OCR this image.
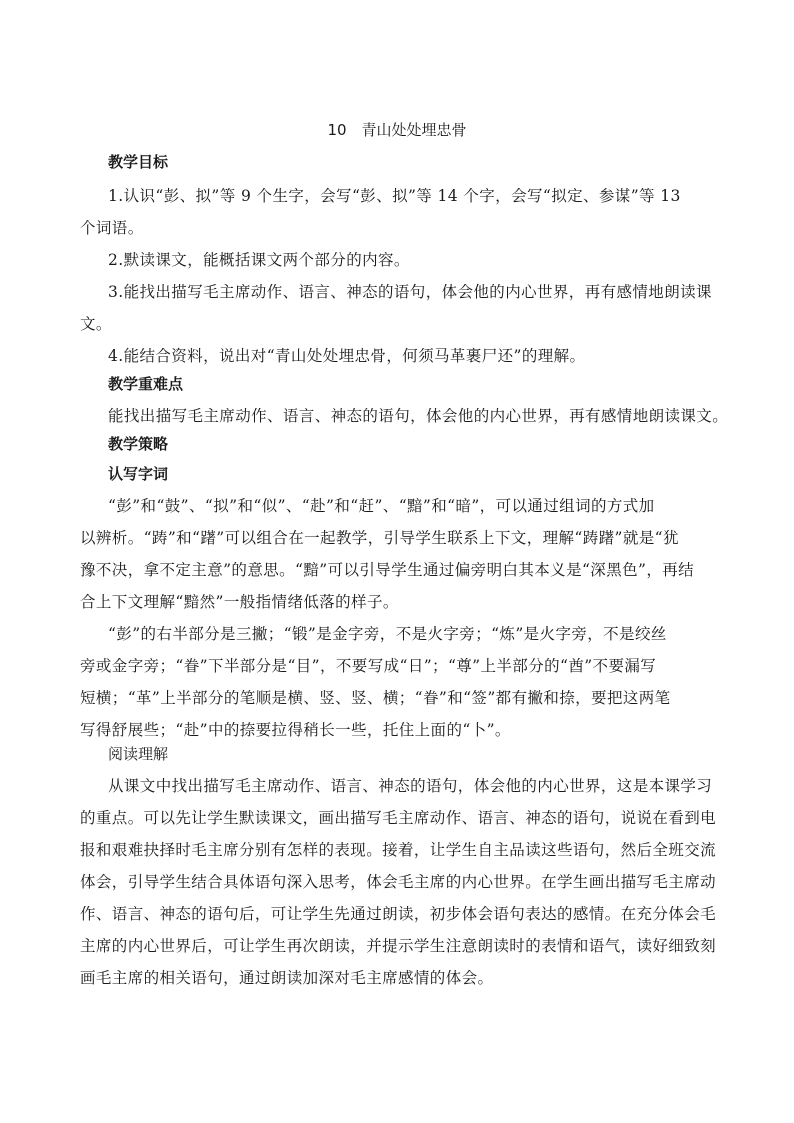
10　青山处处埋忠骨
教学目标
1.认识“彭、拟”等 9 个生字，会写“彭、拟”等 14 个字，会写“拟定、参谋”等 13
个词语。
2.默读课文，能概括课文两个部分的内容。
3.能找出描写毛主席动作、语言、神态的语句，体会他的内心世界，再有感情地朗读课
文。
4.能结合资料，说出对“青山处处埋忠骨，何须马革裹尸还”的理解。
教学重难点
能找出描写毛主席动作、语言、神态的语句，体会他的内心世界，再有感情地朗读课文。
教学策略
认写字词
“彭”和“鼓”、“拟”和“似”、“赴”和“赶”、“黯”和“暗”，可以通过组词的方式加
以辨析。“踌”和“躇”可以组合在一起教学，引导学生联系上下文，理解“踌躇”就是“犹
豫不决，拿不定主意”的意思。“黯”可以引导学生通过偏旁明白其本义是“深黑色”，再结
合上下文理解“黯然”一般指情绪低落的样子。
“彭”的右半部分是三撇；“锻”是金字旁，不是火字旁；“炼”是火字旁，不是绞丝
旁或金字旁；“眷”下半部分是“目”，不要写成“日”；“尊”上半部分的“酋”不要漏写
短横；“革”上半部分的笔顺是横、竖、竖、横；“眷”和“签”都有撇和捺，要把这两笔
写得舒展些；“赴”中的捺要拉得稍长一些，托住上面的“卜”。
阅读理解
从课文中找出描写毛主席动作、语言、神态的语句，体会他的内心世界，这是本课学习
的重点。可以先让学生默读课文，画出描写毛主席动作、语言、神态的语句，说说在看到电
报和艰难抉择时毛主席分别有怎样的表现。接着，让学生自主品读这些语句，然后全班交流
体会，引导学生结合具体语句深入思考，体会毛主席的内心世界。在学生画出描写毛主席动
作、语言、神态的语句后，可让学生先通过朗读，初步体会语句表达的感情。在充分体会毛
主席的内心世界后，可让学生再次朗读，并提示学生注意朗读时的表情和语气，读好细致刻
画毛主席的相关语句，通过朗读加深对毛主席感情的体会。
